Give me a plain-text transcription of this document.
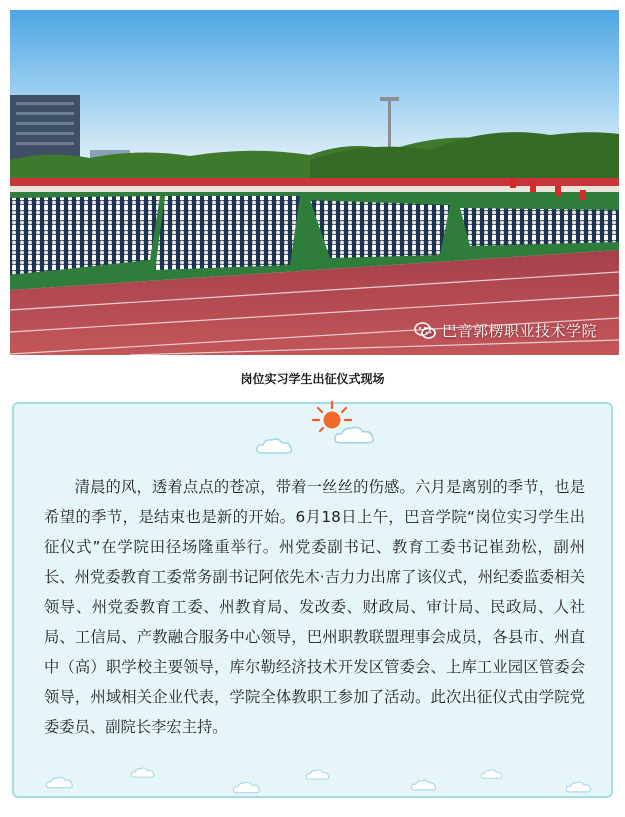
巴音郭楞职业技术学院
岗位实习学生出征仪式现场

清晨的风，透着点点的苍凉，带着一丝丝的伤感。六月是离别的季节，也是希望的季节，是结束也是新的开始。6月18日上午，巴音学院“岗位实习学生出征仪式”在学院田径场隆重举行。州党委副书记、教育工委书记崔劲松，副州长、州党委教育工委常务副书记阿依先木·吉力力出席了该仪式，州纪委监委相关领导、州党委教育工委、州教育局、发改委、财政局、审计局、民政局、人社局、工信局、产教融合服务中心领导，巴州职教联盟理事会成员，各县市、州直中（高）职学校主要领导，库尔勒经济技术开发区管委会、上库工业园区管委会领导，州域相关企业代表，学院全体教职工参加了活动。此次出征仪式由学院党委委员、副院长李宏主持。
